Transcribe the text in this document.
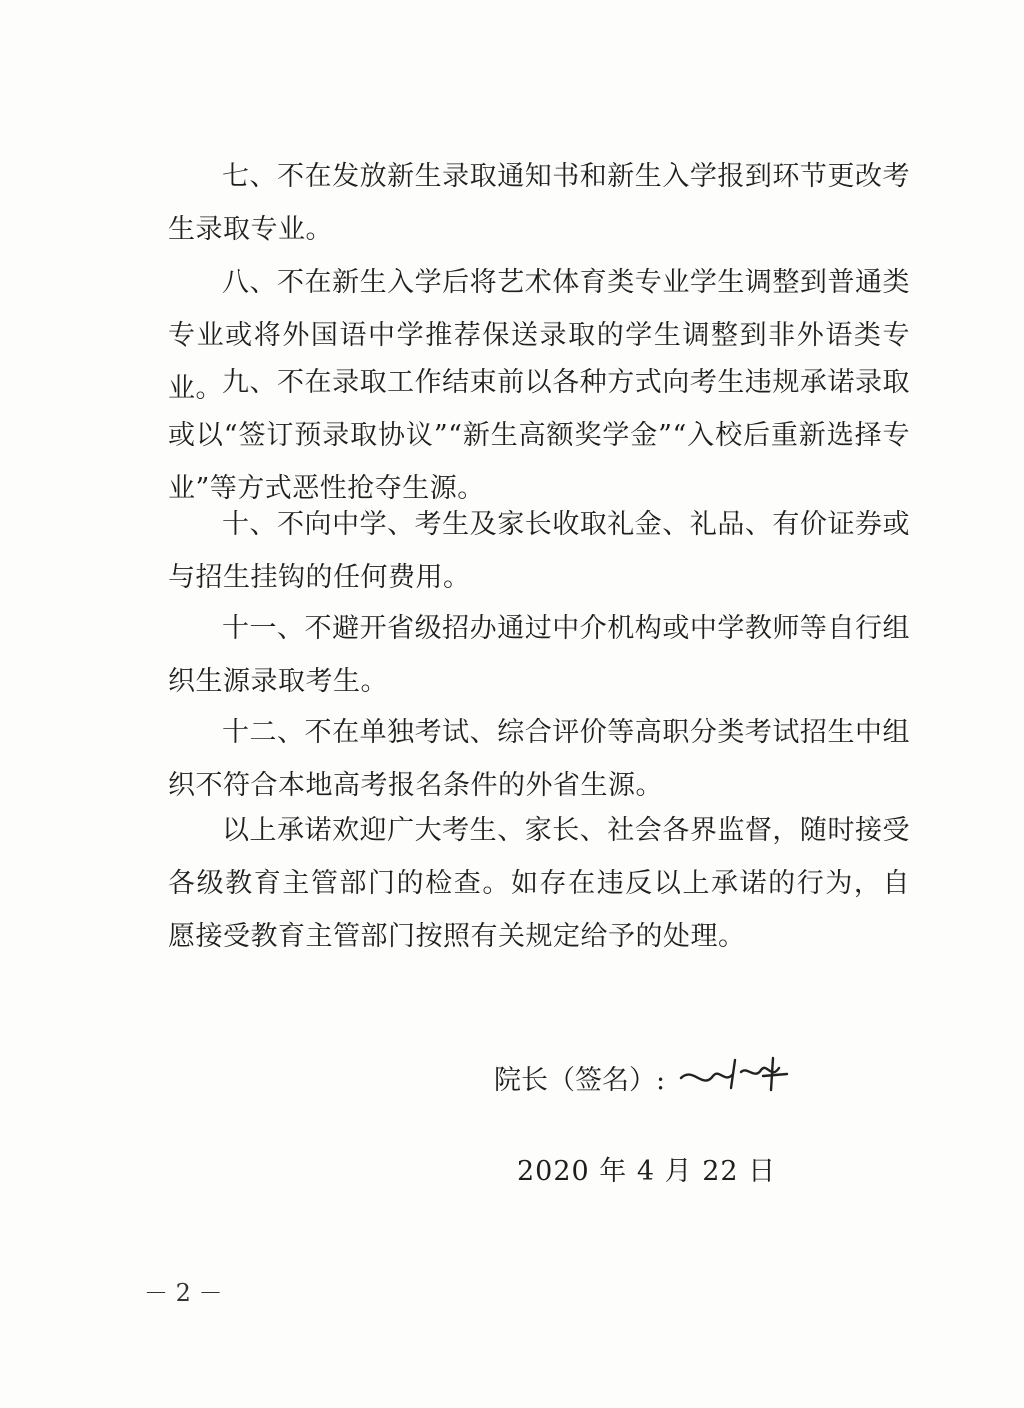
七、不在发放新生录取通知书和新生入学报到环节更改考生录取专业。

八、不在新生入学后将艺术体育类专业学生调整到普通类专业或将外国语中学推荐保送录取的学生调整到非外语类专业。 九、不在录取工作结束前以各种方式向考生违规承诺录取或以“签订预录取协议”“新生高额奖学金”“入校后重新选择专业”等方式恶性抢夺生源。

十、不向中学、考生及家长收取礼金、礼品、有价证券或与招生挂钩的任何费用。

十一、不避开省级招办通过中介机构或中学教师等自行组织生源录取考生。

十二、不在单独考试、综合评价等高职分类考试招生中组织不符合本地高考报名条件的外省生源。

以上承诺欢迎广大考生、家长、社会各界监督，随时接受各级教育主管部门的检查。如存在违反以上承诺的行为，自愿接受教育主管部门按照有关规定给予的处理。

院长（签名）:
2020 年 4 月 22 日
－ 2 －
